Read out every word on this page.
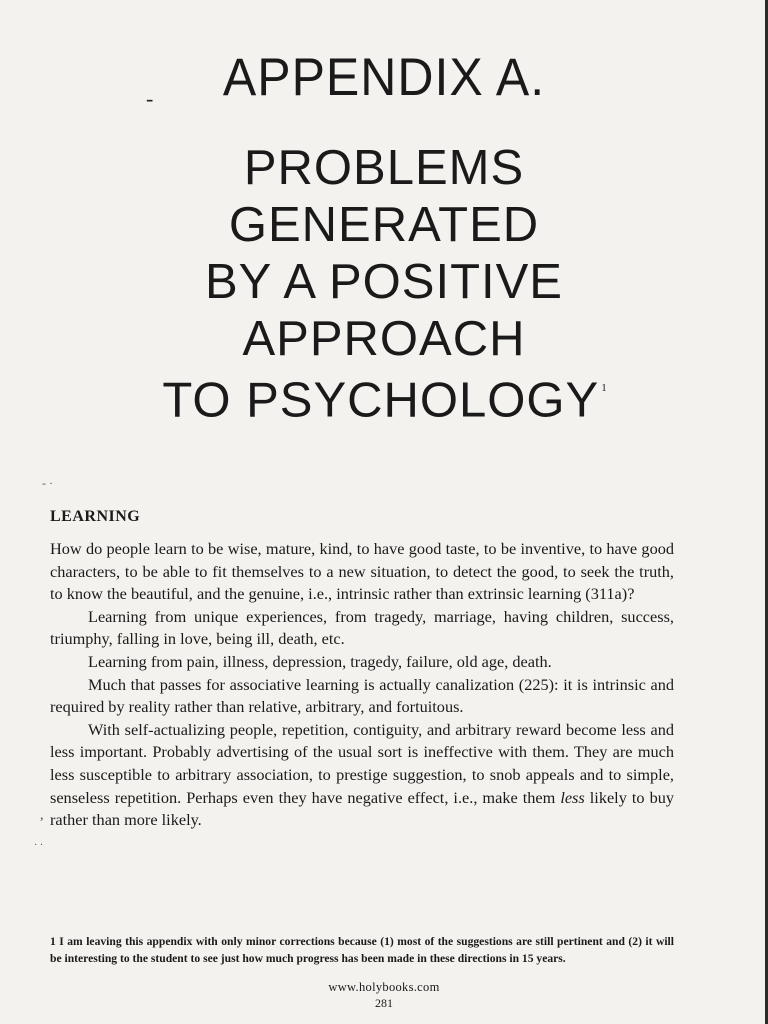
-	APPENDIX A.
PROBLEMS
GENERATED
BY A POSITIVE
APPROACH
TO PSYCHOLOGY $^1$
- ·
,
· ·
LEARNING

How do people learn to be wise, mature, kind, to have good taste, to be inventive, to have good characters, to be able to fit themselves to a new situation, to detect the good, to seek the truth, to know the beautiful, and the genuine, i.e., intrinsic rather than extrinsic learning (311a)?

Learning from unique experiences, from tragedy, marriage, having children, success, triumphy, falling in love, being ill, death, etc.

Learning from pain, illness, depression, tragedy, failure, old age, death.

Much that passes for associative learning is actually canalization (225): it is intrinsic and required by reality rather than relative, arbitrary, and fortuitous.

With self-actualizing people, repetition, contiguity, and arbitrary reward become less and less important. Probably advertising of the usual sort is ineffective with them. They are much less susceptible to arbitrary association, to prestige suggestion, to snob appeals and to simple, senseless repetition. Perhaps even they have negative effect, i.e., make them less likely to buy rather than more likely.

1 I am leaving this appendix with only minor corrections because (1) most of the suggestions are still pertinent and (2) it will be interesting to the student to see just how much progress has been made in these directions in 15 years.
www.holybooks.com
281
